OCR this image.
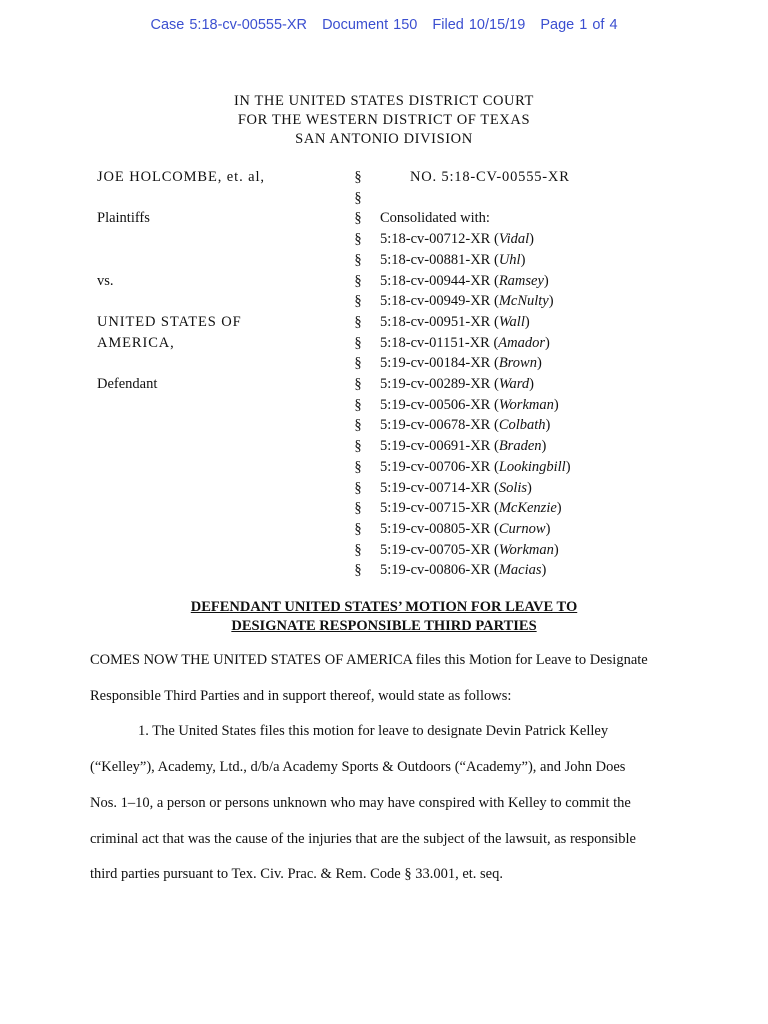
Case 5:18-cv-00555-XR Document 150 Filed 10/15/19 Page 1 of 4
IN THE UNITED STATES DISTRICT COURT
FOR THE WESTERN DISTRICT OF TEXAS
SAN ANTONIO DIVISION
JOE HOLCOMBE, et. al,	§	NO. 5:18-CV-00555-XR
§
Plaintiffs	§ Consolidated with:
§ 5:18-cv-00712-XR (Vidal)
§ 5:18-cv-00881-XR (Uhl)
vs.	§ 5:18-cv-00944-XR (Ramsey)
§ 5:18-cv-00949-XR (McNulty)
UNITED STATES OF	§ 5:18-cv-00951-XR (Wall)
AMERICA,	§ 5:18-cv-01151-XR (Amador)
§ 5:19-cv-00184-XR (Brown)
Defendant	§ 5:19-cv-00289-XR (Ward)
§ 5:19-cv-00506-XR (Workman)
§ 5:19-cv-00678-XR (Colbath)
§ 5:19-cv-00691-XR (Braden)
§ 5:19-cv-00706-XR (Lookingbill)
§ 5:19-cv-00714-XR (Solis)
§ 5:19-cv-00715-XR (McKenzie)
§ 5:19-cv-00805-XR (Curnow)
§ 5:19-cv-00705-XR (Workman)
§ 5:19-cv-00806-XR (Macias)
DEFENDANT UNITED STATES’ MOTION FOR LEAVE TO
DESIGNATE RESPONSIBLE THIRD PARTIES

COMES NOW THE UNITED STATES OF AMERICA files this Motion for Leave to Designate

Responsible Third Parties and in support thereof, would state as follows:

1. The United States files this motion for leave to designate Devin Patrick Kelley

(“Kelley”), Academy, Ltd., d/b/a Academy Sports & Outdoors (“Academy”), and John Does

Nos. 1–10, a person or persons unknown who may have conspired with Kelley to commit the

criminal act that was the cause of the injuries that are the subject of the lawsuit, as responsible

third parties pursuant to Tex. Civ. Prac. & Rem. Code § 33.001, et. seq.
